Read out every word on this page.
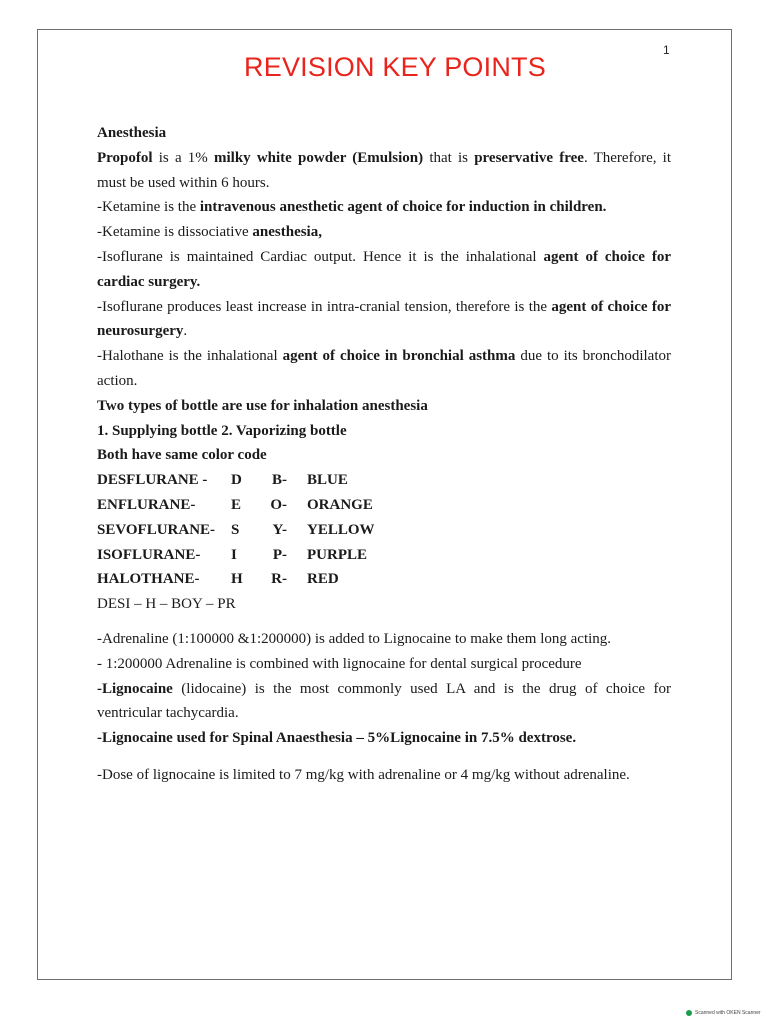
1
REVISION KEY POINTS

Anesthesia

Propofol is a 1% milky white powder (Emulsion) that is preservative free. Therefore, it must be used within 6 hours.

-Ketamine is the intravenous anesthetic agent of choice for induction in children.

-Ketamine is dissociative anesthesia,

-Isoflurane is maintained Cardiac output. Hence it is the inhalational agent of choice for cardiac surgery.

-Isoflurane produces least increase in intra-cranial tension, therefore is the agent of choice for neurosurgery.

-Halothane is the inhalational agent of choice in bronchial asthma due to its bronchodilator action.

Two types of bottle are use for inhalation anesthesia

1. Supplying bottle 2. Vaporizing bottle

Both have same color code

DESFLURANE -	D	B- BLUE
ENFLURANE-	E	O- ORANGE
SEVOFLURANE-	S	Y- YELLOW
ISOFLURANE-	I	P- PURPLE
HALOTHANE-	H	R- RED

DESI – H – BOY – PR

-Adrenaline (1:100000 &1:200000) is added to Lignocaine to make them long acting.

- 1:200000 Adrenaline is combined with lignocaine for dental surgical procedure

-Lignocaine (lidocaine) is the most commonly used LA and is the drug of choice for ventricular tachycardia.

-Lignocaine used for Spinal Anaesthesia – 5%Lignocaine in 7.5% dextrose.

-Dose of lignocaine is limited to 7 mg/kg with adrenaline or 4 mg/kg without adrenaline.

Scanned with OKEN Scanner
